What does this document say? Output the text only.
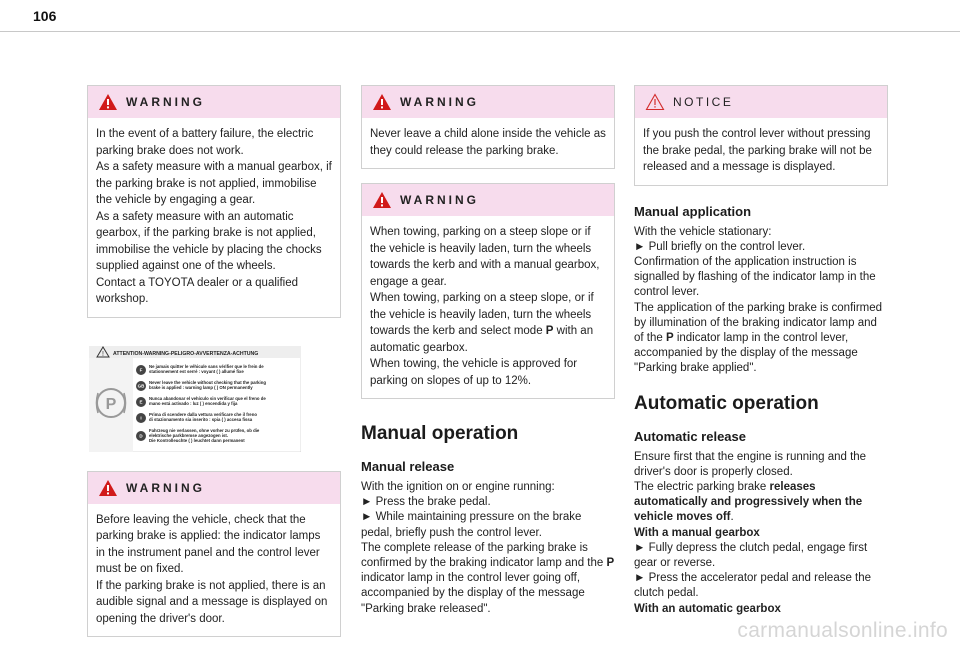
106
WARNING

In the event of a battery failure, the electric parking brake does not work.

As a safety measure with a manual gearbox, if the parking brake is not applied, immobilise the vehicle by engaging a gear.

As a safety measure with an automatic gearbox, if the parking brake is not applied, immobilise the vehicle by placing the chocks supplied against one of the wheels.

Contact a TOYOTA dealer or a qualified workshop.

! ATTENTION-WARNING-PELIGRO-AVVERTENZA-ACHTUNG
P
F
Ne jamais quitter le véhicule sans vérifier que le frein de
stationnement est serré : voyant ( ) allumé fixe
GB
Never leave the vehicle without checking that the parking
brake is applied : warning lamp ( ) ON permanently
E
Nunca abandonar el vehículo sin verificar que el freno de
mano está activado : luz ( ) encendida y fija
I
Prima di scendere dalla vettura verificare che il freno
di stazionamento sia inserito : spia ( ) accesa fissa
D
Fahrzeug nie verlassen, ohne vorher zu prüfen, ob die
elektrische parkbremse angezogen ist.
Die Kontrolleuchte ( ) leuchtet dann permanent
WARNING

Before leaving the vehicle, check that the parking brake is applied: the indicator lamps in the instrument panel and the control lever must be on fixed.

If the parking brake is not applied, there is an audible signal and a message is displayed on opening the driver's door.

WARNING

Never leave a child alone inside the vehicle as they could release the parking brake.

WARNING

When towing, parking on a steep slope or if the vehicle is heavily laden, turn the wheels towards the kerb and with a manual gearbox, engage a gear.

When towing, parking on a steep slope, or if the vehicle is heavily laden, turn the wheels towards the kerb and select mode P with an automatic gearbox.

When towing, the vehicle is approved for parking on slopes of up to 12%.

Manual operation
Manual release

With the ignition on or engine running:

► Press the brake pedal.

► While maintaining pressure on the brake pedal, briefly push the control lever.

The complete release of the parking brake is confirmed by the braking indicator lamp and the P indicator lamp in the control lever going off, accompanied by the display of the message "Parking brake released".

NOTICE

If you push the control lever without pressing the brake pedal, the parking brake will not be released and a message is displayed.

Manual application

With the vehicle stationary:

► Pull briefly on the control lever.

Confirmation of the application instruction is signalled by flashing of the indicator lamp in the control lever.

The application of the parking brake is confirmed by illumination of the braking indicator lamp and of the P indicator lamp in the control lever, accompanied by the display of the message "Parking brake applied".

Automatic operation
Automatic release

Ensure first that the engine is running and the driver's door is properly closed.

The electric parking brake releases automatically and progressively when the vehicle moves off.

With a manual gearbox

► Fully depress the clutch pedal, engage first gear or reverse.

► Press the accelerator pedal and release the clutch pedal.

With an automatic gearbox

carmanualsonline.info
